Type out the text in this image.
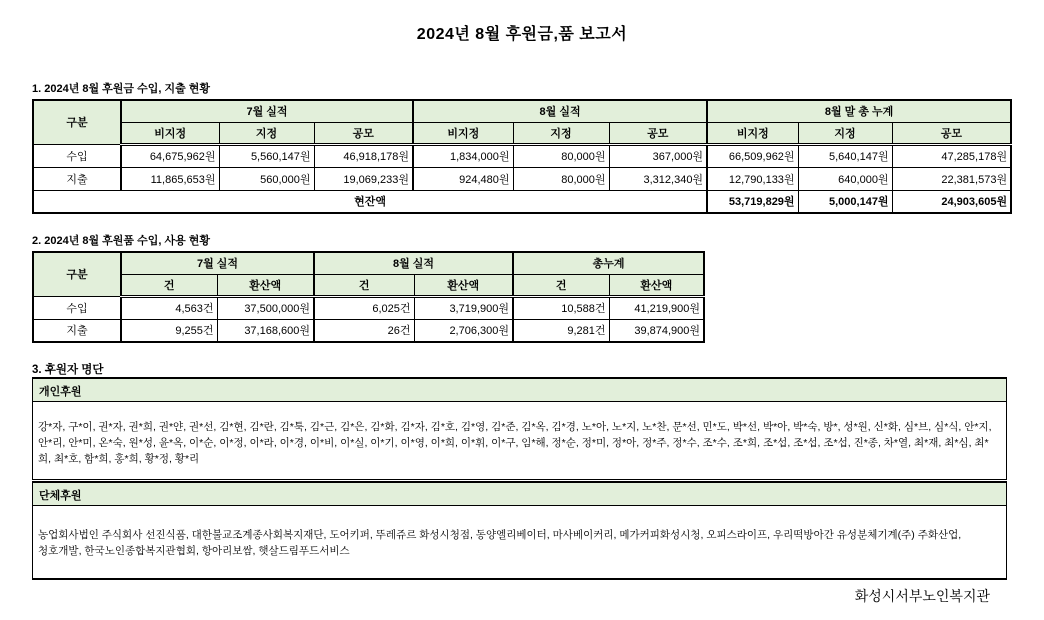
2024년 8월 후원금,품 보고서
1. 2024년 8월 후원금 수입, 지출 현황
구분	7월 실적			8월 실적			8월 말 총 누계		
	비지정	지정	공모	비지정	지정	공모	비지정	지정	공모
수입	64,675,962원	5,560,147원	46,918,178원	1,834,000원	80,000원	367,000원	66,509,962원	5,640,147원	47,285,178원
지출	11,865,653원	560,000원	19,069,233원	924,480원	80,000원	3,312,340원	12,790,133원	640,000원	22,381,573원
현잔액							53,719,829원	5,000,147원	24,903,605원
2. 2024년 8월 후원품 수입, 사용 현황
구분	7월 실적		8월 실적		총누계	
	건	환산액	건	환산액	건	환산액
수입	4,563건	37,500,000원	6,025건	3,719,900원	10,588건	41,219,900원
지출	9,255건	37,168,600원	26건	2,706,300원	9,281건	39,874,900원
3. 후원자 명단
개인후원
강*자, 구*이, 권*자, 권*희, 권*얀, 권*선, 김*현, 김*란, 김*툭, 김*근, 김*은, 김*화, 김*자, 김*호, 김*영, 김*준, 김*옥, 김*경, 노*아, 노*지, 노*찬, 문*선, 민*도, 박*선, 박*아, 박*숙, 방*, 성*원, 신*화, 심*브, 심*식, 안*지, 안*리, 안*미, 온*숙, 원*성, 윤*옥, 이*순, 이*정, 이*라, 이*경, 이*비, 이*실, 이*기, 이*영, 이*희, 이*휘, 이*구, 임*해, 정*순, 정*미, 정*아, 정*주, 정*수, 조*수, 조*희, 조*섭, 조*섭, 조*섭, 진*종, 차*열, 최*재, 최*심, 최*희, 최*호, 함*희, 홍*희, 황*정, 황*리
단체후원
농업회사법인 주식회사 선진식품, 대한불교조계종사회복지재단, 도어키퍼, 뚜레쥬르 화성시청점, 동양엘리베이터, 마사베이커리, 메가커피화성시청, 오피스라이프, 우리떡방아간 유성분체기계(주) 주화산업, 청호개발, 한국노인종합복지관협회, 항아리보쌈, 햇살드림푸드서비스
화성시서부노인복지관
